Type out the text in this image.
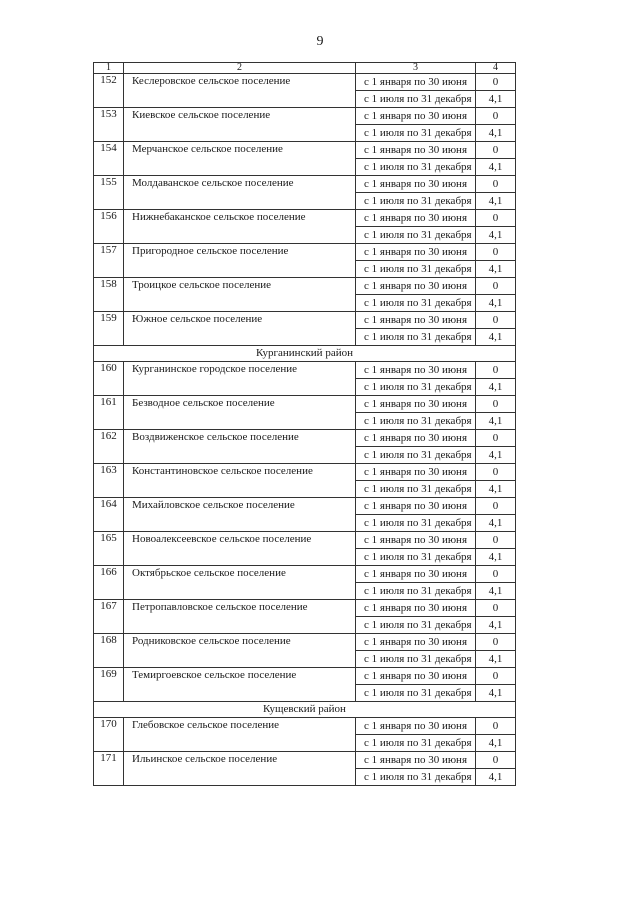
9
1	2	3	4
152	Кеслеровское сельское поселение	с 1 января по 30 июня	0
		с 1 июля по 31 декабря	4,1
153	Киевское сельское поселение	с 1 января по 30 июня	0
		с 1 июля по 31 декабря	4,1
154	Мерчанское сельское поселение	с 1 января по 30 июня	0
		с 1 июля по 31 декабря	4,1
155	Молдаванское сельское поселение	с 1 января по 30 июня	0
		с 1 июля по 31 декабря	4,1
156	Нижнебаканское сельское поселение	с 1 января по 30 июня	0
		с 1 июля по 31 декабря	4,1
157	Пригородное сельское поселение	с 1 января по 30 июня	0
		с 1 июля по 31 декабря	4,1
158	Троицкое сельское поселение	с 1 января по 30 июня	0
		с 1 июля по 31 декабря	4,1
159	Южное сельское поселение	с 1 января по 30 июня	0
		с 1 июля по 31 декабря	4,1
Курганинский район			
160	Курганинское городское поселение	с 1 января по 30 июня	0
		с 1 июля по 31 декабря	4,1
161	Безводное сельское поселение	с 1 января по 30 июня	0
		с 1 июля по 31 декабря	4,1
162	Воздвиженское сельское поселение	с 1 января по 30 июня	0
		с 1 июля по 31 декабря	4,1
163	Константиновское сельское поселение	с 1 января по 30 июня	0
		с 1 июля по 31 декабря	4,1
164	Михайловское сельское поселение	с 1 января по 30 июня	0
		с 1 июля по 31 декабря	4,1
165	Новоалексеевское сельское поселение	с 1 января по 30 июня	0
		с 1 июля по 31 декабря	4,1
166	Октябрьское сельское поселение	с 1 января по 30 июня	0
		с 1 июля по 31 декабря	4,1
167	Петропавловское сельское поселение	с 1 января по 30 июня	0
		с 1 июля по 31 декабря	4,1
168	Родниковское сельское поселение	с 1 января по 30 июня	0
		с 1 июля по 31 декабря	4,1
169	Темиргоевское сельское поселение	с 1 января по 30 июня	0
		с 1 июля по 31 декабря	4,1
Кущевский район			
170	Глебовское сельское поселение	с 1 января по 30 июня	0
		с 1 июля по 31 декабря	4,1
171	Ильинское сельское поселение	с 1 января по 30 июня	0
		с 1 июля по 31 декабря	4,1
